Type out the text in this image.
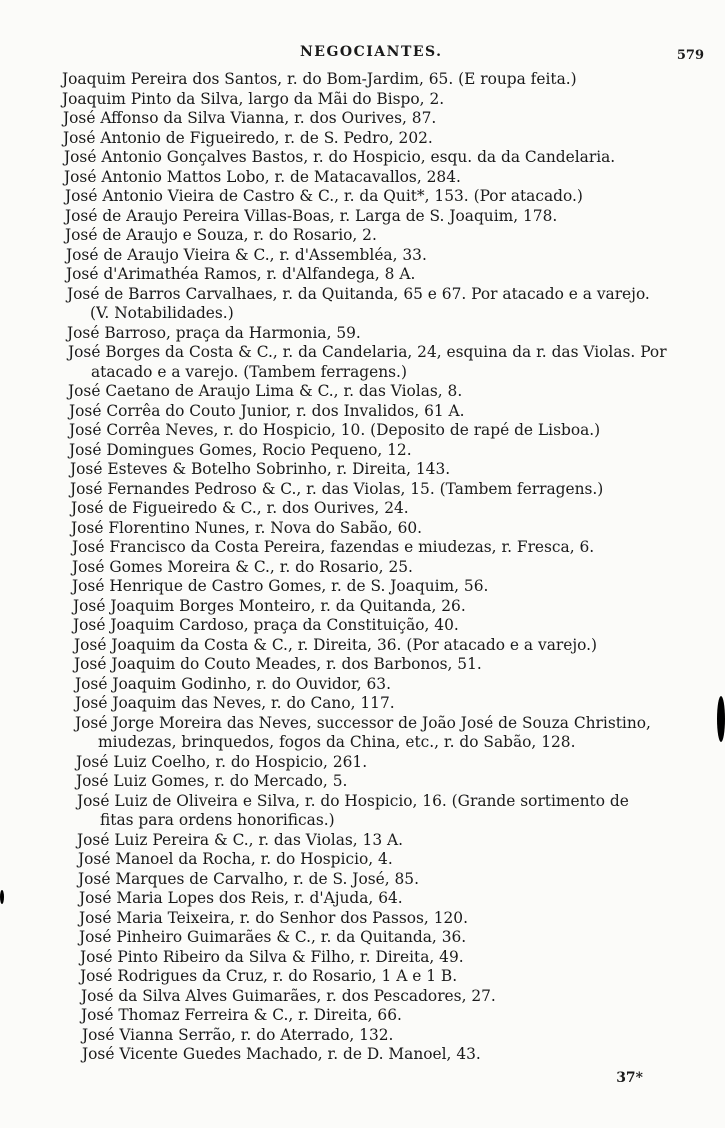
NEGOCIANTES.	579
Joaquim Pereira dos Santos, r. do Bom-Jardim, 65. (E roupa feita.)
Joaquim Pinto da Silva, largo da Mãi do Bispo, 2.
José Affonso da Silva Vianna, r. dos Ourives, 87.
José Antonio de Figueiredo, r. de S. Pedro, 202.
José Antonio Gonçalves Bastos, r. do Hospicio, esqu. da da Candelaria.
José Antonio Mattos Lobo, r. de Matacavallos, 284.
José Antonio Vieira de Castro & C., r. da Quit*, 153. (Por atacado.)
José de Araujo Pereira Villas-Boas, r. Larga de S. Joaquim, 178.
José de Araujo e Souza, r. do Rosario, 2.
José de Araujo Vieira & C., r. d'Assembléa, 33.
José d'Arimathéa Ramos, r. d'Alfandega, 8 A.
José de Barros Carvalhaes, r. da Quitanda, 65 e 67. Por atacado e a varejo.
(V. Notabilidades.)
José Barroso, praça da Harmonia, 59.
José Borges da Costa & C., r. da Candelaria, 24, esquina da r. das Violas. Por
atacado e a varejo. (Tambem ferragens.)
José Caetano de Araujo Lima & C., r. das Violas, 8.
José Corrêa do Couto Junior, r. dos Invalidos, 61 A.
José Corrêa Neves, r. do Hospicio, 10. (Deposito de rapé de Lisboa.)
José Domingues Gomes, Rocio Pequeno, 12.
José Esteves & Botelho Sobrinho, r. Direita, 143.
José Fernandes Pedroso & C., r. das Violas, 15. (Tambem ferragens.)
José de Figueiredo & C., r. dos Ourives, 24.
José Florentino Nunes, r. Nova do Sabão, 60.
José Francisco da Costa Pereira, fazendas e miudezas, r. Fresca, 6.
José Gomes Moreira & C., r. do Rosario, 25.
José Henrique de Castro Gomes, r. de S. Joaquim, 56.
José Joaquim Borges Monteiro, r. da Quitanda, 26.
José Joaquim Cardoso, praça da Constituição, 40.
José Joaquim da Costa & C., r. Direita, 36. (Por atacado e a varejo.)
José Joaquim do Couto Meades, r. dos Barbonos, 51.
José Joaquim Godinho, r. do Ouvidor, 63.
José Joaquim das Neves, r. do Cano, 117.
José Jorge Moreira das Neves, successor de João José de Souza Christino,
miudezas, brinquedos, fogos da China, etc., r. do Sabão, 128.
José Luiz Coelho, r. do Hospicio, 261.
José Luiz Gomes, r. do Mercado, 5.
José Luiz de Oliveira e Silva, r. do Hospicio, 16. (Grande sortimento de
fitas para ordens honorificas.)
José Luiz Pereira & C., r. das Violas, 13 A.
José Manoel da Rocha, r. do Hospicio, 4.
José Marques de Carvalho, r. de S. José, 85.
José Maria Lopes dos Reis, r. d'Ajuda, 64.
José Maria Teixeira, r. do Senhor dos Passos, 120.
José Pinheiro Guimarães & C., r. da Quitanda, 36.
José Pinto Ribeiro da Silva & Filho, r. Direita, 49.
José Rodrigues da Cruz, r. do Rosario, 1 A e 1 B.
José da Silva Alves Guimarães, r. dos Pescadores, 27.
José Thomaz Ferreira & C., r. Direita, 66.
José Vianna Serrão, r. do Aterrado, 132.
José Vicente Guedes Machado, r. de D. Manoel, 43.
37*
